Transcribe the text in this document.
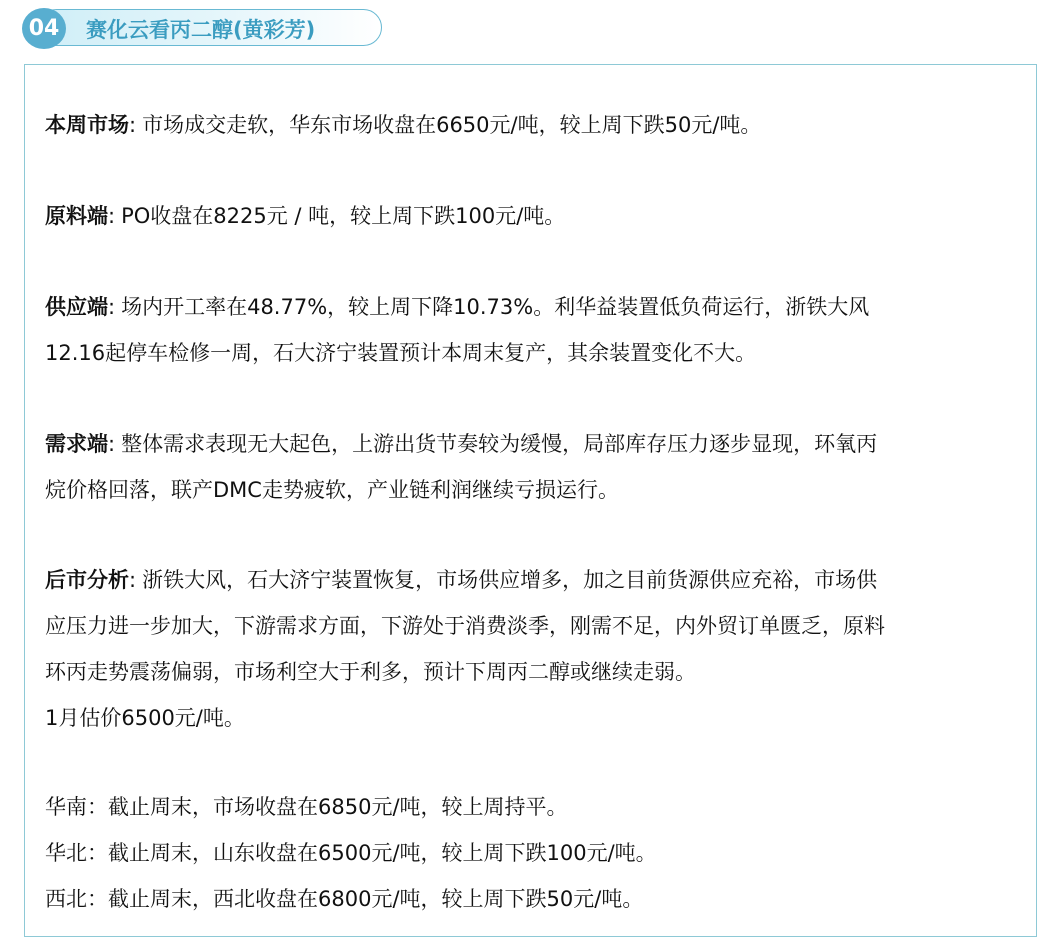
赛化云看丙二醇(黄彩芳)
04
本周市场: 市场成交走软，华东市场收盘在6650元/吨，较上周下跌50元/吨。
原料端: PO收盘在8225元 / 吨，较上周下跌100元/吨。
供应端: 场内开工率在48.77%，较上周下降10.73%。利华益装置低负荷运行，浙铁大风
12.16起停车检修一周，石大济宁装置预计本周末复产，其余装置变化不大。
需求端: 整体需求表现无大起色，上游出货节奏较为缓慢，局部库存压力逐步显现，环氧丙
烷价格回落，联产DMC走势疲软，产业链利润继续亏损运行。
后市分析: 浙铁大风，石大济宁装置恢复，市场供应增多，加之目前货源供应充裕，市场供
应压力进一步加大，下游需求方面，下游处于消费淡季，刚需不足，内外贸订单匮乏，原料
环丙走势震荡偏弱，市场利空大于利多，预计下周丙二醇或继续走弱。
1月估价6500元/吨。
华南：截止周末，市场收盘在6850元/吨，较上周持平。
华北：截止周末，山东收盘在6500元/吨，较上周下跌100元/吨。
西北：截止周末，西北收盘在6800元/吨，较上周下跌50元/吨。
